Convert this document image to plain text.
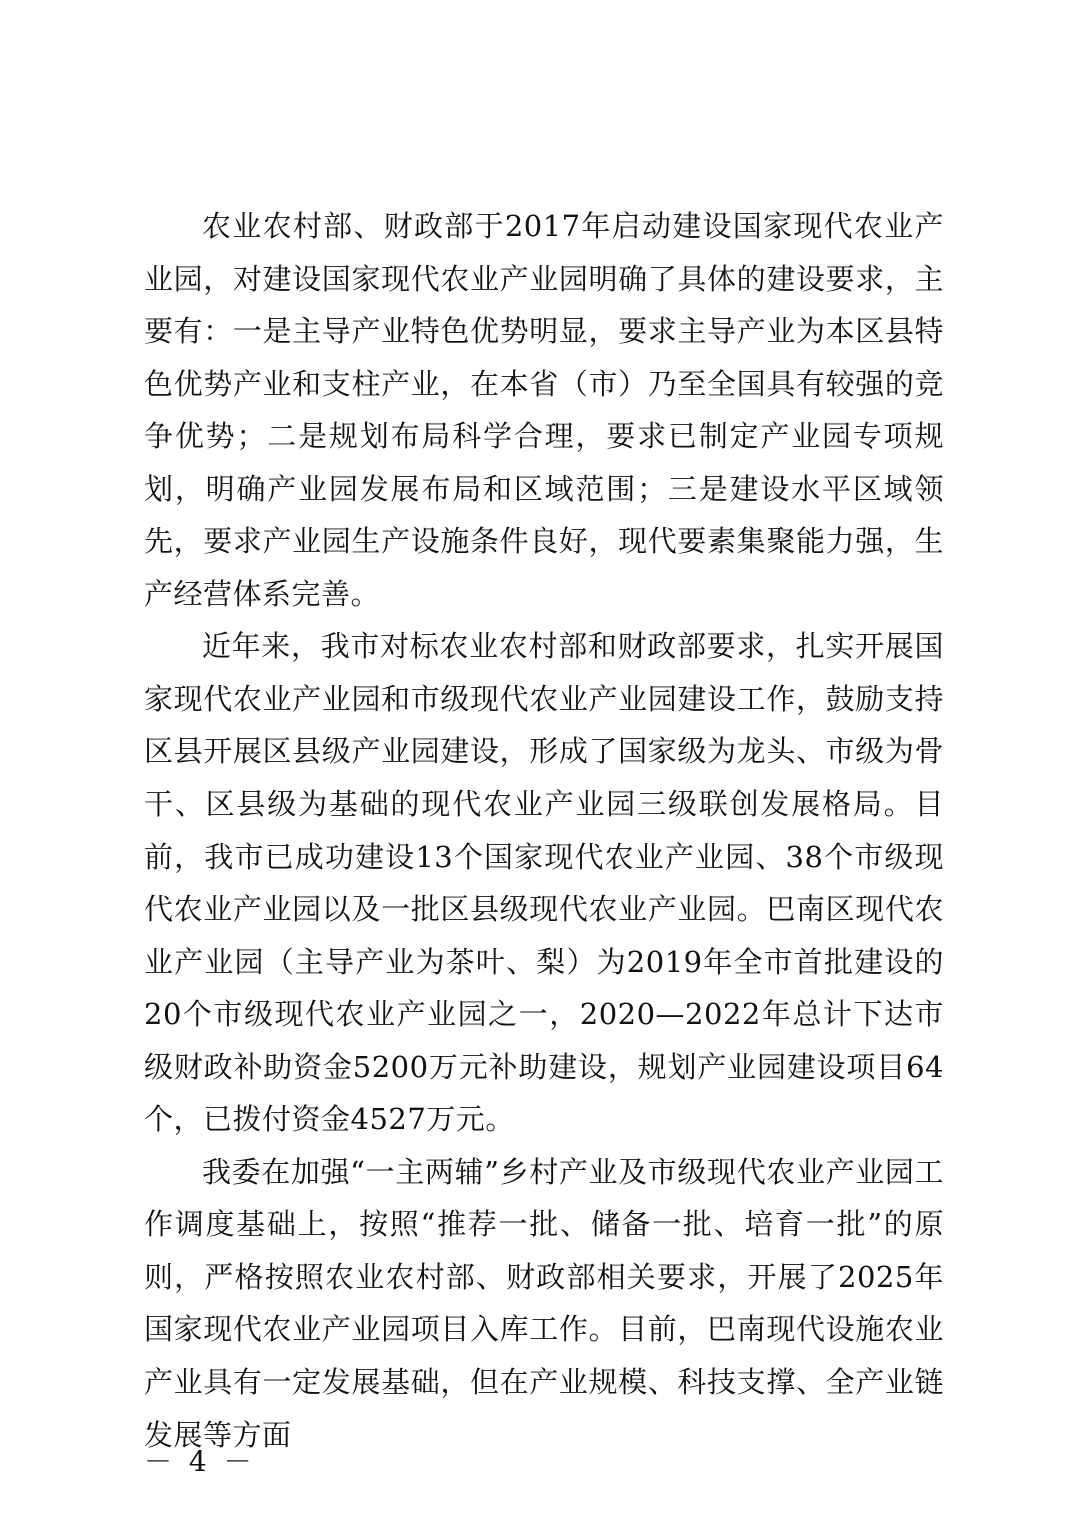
农业农村部、财政部于2017年启动建设国家现代农业产业园，对建设国家现代农业产业园明确了具体的建设要求，主要有：一是主导产业特色优势明显，要求主导产业为本区县特色优势产业和支柱产业，在本省（市）乃至全国具有较强的竞争优势；二是规划布局科学合理，要求已制定产业园专项规划，明确产业园发展布局和区域范围；三是建设水平区域领先，要求产业园生产设施条件良好，现代要素集聚能力强，生产经营体系完善。

近年来，我市对标农业农村部和财政部要求，扎实开展国家现代农业产业园和市级现代农业产业园建设工作，鼓励支持区县开展区县级产业园建设，形成了国家级为龙头、市级为骨干、区县级为基础的现代农业产业园三级联创发展格局。目前，我市已成功建设13个国家现代农业产业园、38个市级现代农业产业园以及一批区县级现代农业产业园。巴南区现代农业产业园（主导产业为茶叶、梨）为2019年全市首批建设的20个市级现代农业产业园之一，2020—2022年总计下达市级财政补助资金5200万元补助建设，规划产业园建设项目64个，已拨付资金4527万元。

我委在加强“一主两辅”乡村产业及市级现代农业产业园工作调度基础上，按照“推荐一批、储备一批、培育一批”的原则，严格按照农业农村部、财政部相关要求，开展了2025年国家现代农业产业园项目入库工作。目前，巴南现代设施农业产业具有一定发展基础，但在产业规模、科技支撑、全产业链发展等方面

－ 4 －
